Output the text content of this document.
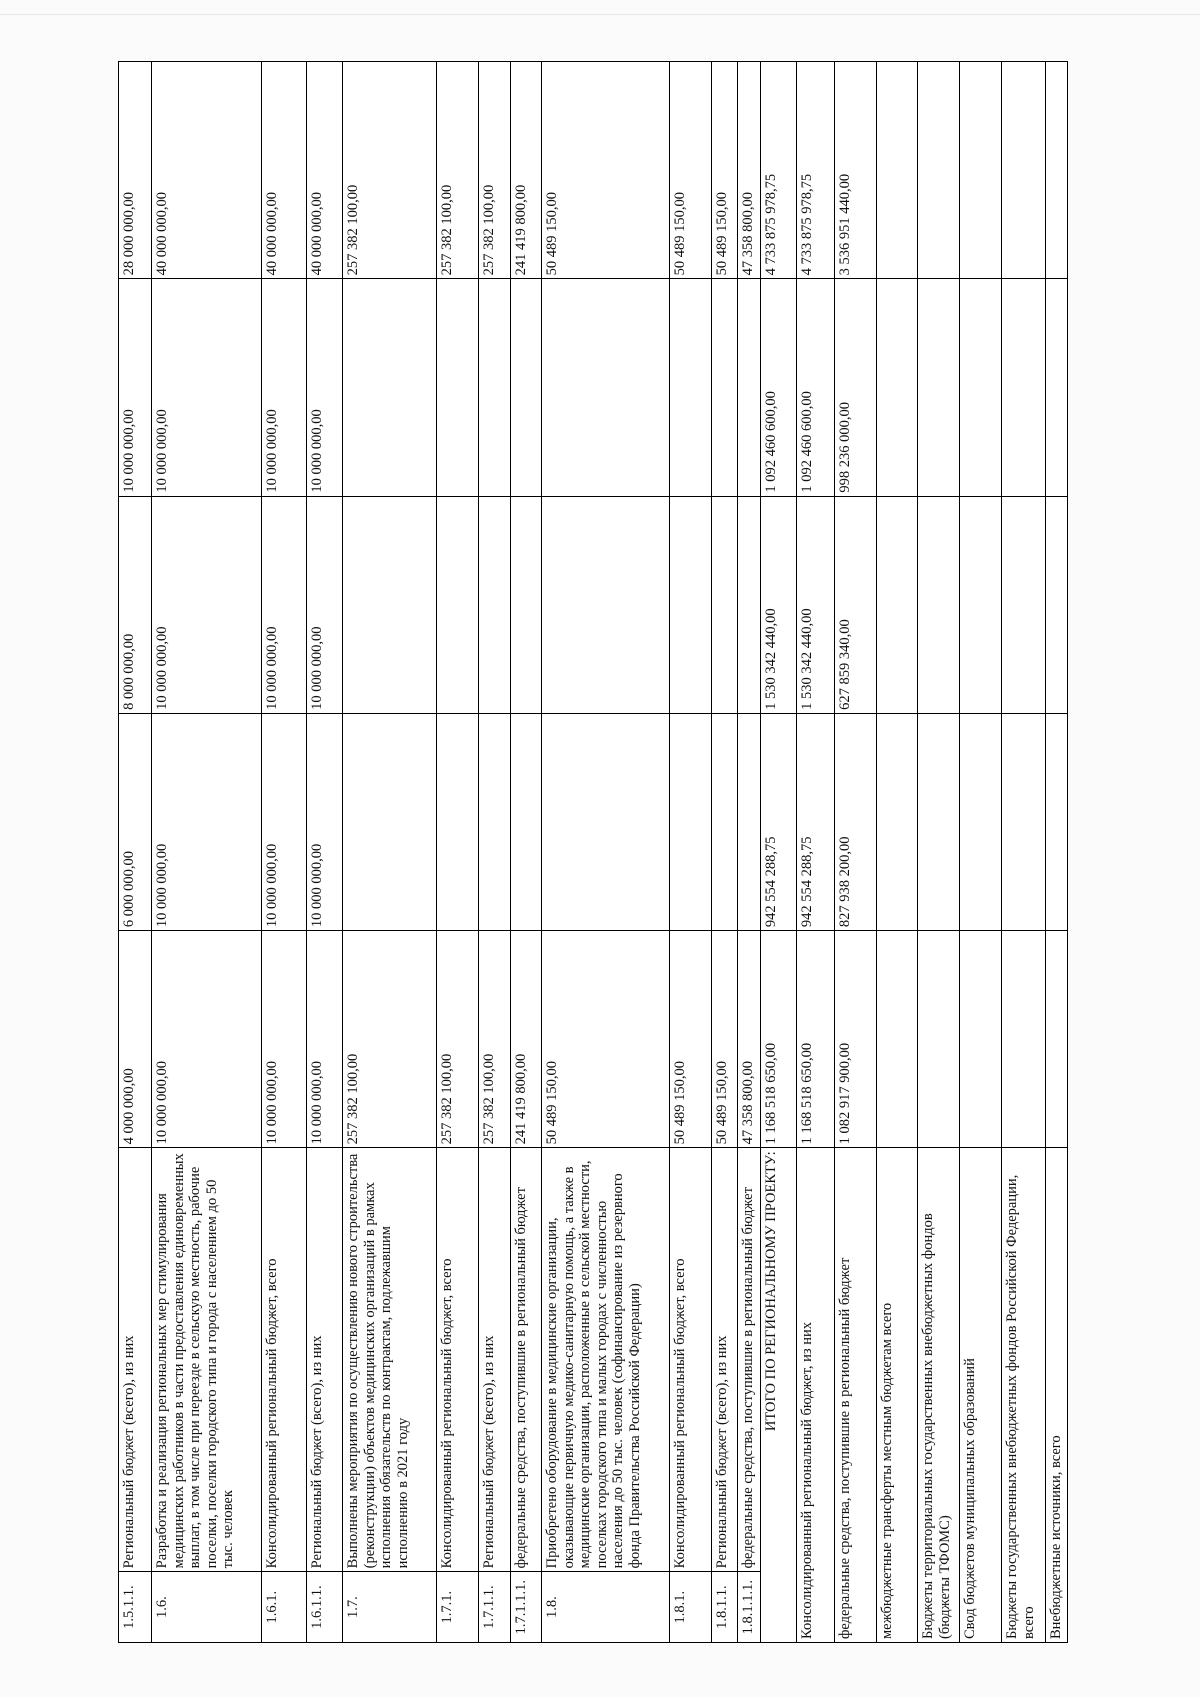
1.5.1.1.	Региональный бюджет (всего), из них	4 000 000,00	6 000 000,00	8 000 000,00	10 000 000,00	28 000 000,00
1.6.	Разработка и реализация региональных мер стимулирования медицинских работников в части предоставления единовременных выплат, в том числе при переезде в сельскую местность, рабочие поселки, поселки городского типа и города с населением до 50 тыс. человек	10 000 000,00	10 000 000,00	10 000 000,00	10 000 000,00	40 000 000,00
1.6.1.	Консолидированный региональный бюджет, всего	10 000 000,00	10 000 000,00	10 000 000,00	10 000 000,00	40 000 000,00
1.6.1.1.	Региональный бюджет (всего), из них	10 000 000,00	10 000 000,00	10 000 000,00	10 000 000,00	40 000 000,00
1.7.	Выполнены мероприятия по осуществлению нового строительства (реконструкции) объектов медицинских организаций в рамках исполнения обязательств по контрактам, подлежавшим исполнению в 2021 году	257 382 100,00				257 382 100,00
1.7.1.	Консолидированный региональный бюджет, всего	257 382 100,00				257 382 100,00
1.7.1.1.	Региональный бюджет (всего), из них	257 382 100,00				257 382 100,00
1.7.1.1.1.	федеральные средства, поступившие в региональный бюджет	241 419 800,00				241 419 800,00
1.8.	Приобретено оборудование в медицинские организации, оказывающие первичную медико-санитарную помощь, а также в медицинские организации, расположенные в сельской местности, поселках городского типа и малых городах с численностью населения до 50 тыс. человек (софинансирование из резервного фонда Правительства Российской Федерации)	50 489 150,00				50 489 150,00
1.8.1.	Консолидированный региональный бюджет, всего	50 489 150,00				50 489 150,00
1.8.1.1.	Региональный бюджет (всего), из них	50 489 150,00				50 489 150,00
1.8.1.1.1.	федеральные средства, поступившие в региональный бюджет	47 358 800,00				47 358 800,00
ИТОГО ПО РЕГИОНАЛЬНОМУ ПРОЕКТУ:		1 168 518 650,00	942 554 288,75	1 530 342 440,00	1 092 460 600,00	4 733 875 978,75
Консолидированный региональный бюджет, из них		1 168 518 650,00	942 554 288,75	1 530 342 440,00	1 092 460 600,00	4 733 875 978,75
федеральные средства, поступившие в региональный бюджет		1 082 917 900,00	827 938 200,00	627 859 340,00	998 236 000,00	3 536 951 440,00
межбюджетные трансферты местным бюджетам всего						
Бюджеты территориальных государственных внебюджетных фондов (бюджеты ТФОМС)						
Свод бюджетов муниципальных образований						
Бюджеты государственных внебюджетных фондов Российской Федерации, всего						
Внебюджетные источники, всего						
